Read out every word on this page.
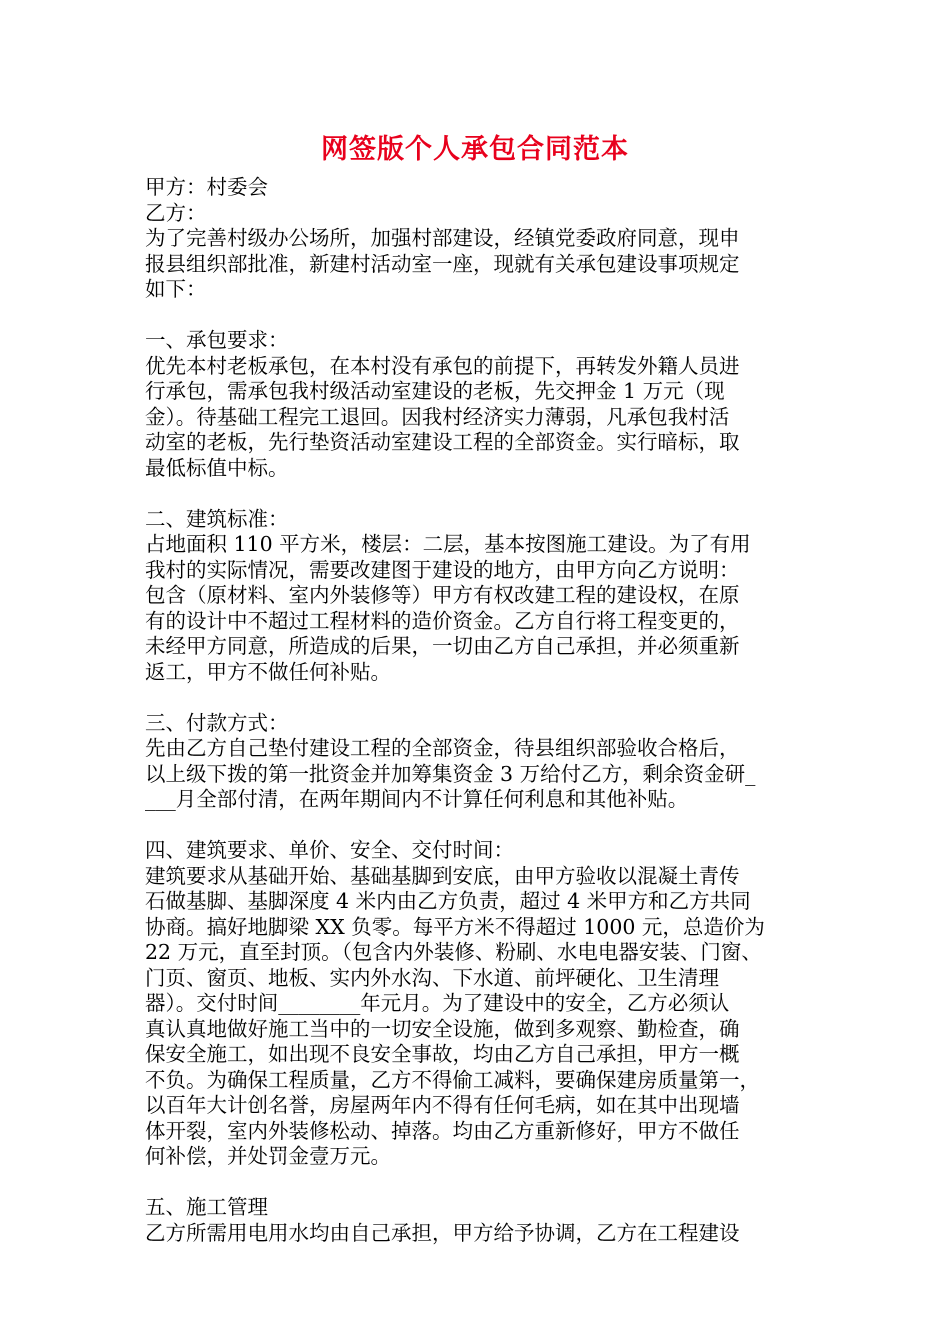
网签版个人承包合同范本
甲方：村委会
乙方：
为了完善村级办公场所，加强村部建设，经镇党委政府同意，现申
报县组织部批准，新建村活动室一座，现就有关承包建设事项规定
如下：
一、承包要求：
优先本村老板承包，在本村没有承包的前提下，再转发外籍人员进
行承包，需承包我村级活动室建设的老板，先交押金 1 万元（现
金）。待基础工程完工退回。因我村经济实力薄弱，凡承包我村活
动室的老板，先行垫资活动室建设工程的全部资金。实行暗标，取
最低标值中标。
二、建筑标准：
占地面积 110 平方米，楼层：二层，基本按图施工建设。为了有用
我村的实际情况，需要改建图于建设的地方，由甲方向乙方说明：
包含（原材料、室内外装修等）甲方有权改建工程的建设权，在原
有的设计中不超过工程材料的造价资金。乙方自行将工程变更的，
未经甲方同意，所造成的后果，一切由乙方自己承担，并必须重新
返工，甲方不做任何补贴。
三、付款方式：
先由乙方自己垫付建设工程的全部资金，待县组织部验收合格后，
以上级下拨的第一批资金并加筹集资金 3 万给付乙方，剩余资金研_
___月全部付清，在两年期间内不计算任何利息和其他补贴。
四、建筑要求、单价、安全、交付时间：
建筑要求从基础开始、基础基脚到安底，由甲方验收以混凝土青传
石做基脚、基脚深度 4 米内由乙方负责，超过 4 米甲方和乙方共同
协商。搞好地脚梁 XX 负零。每平方米不得超过 1000 元，总造价为
22 万元，直至封顶。（包含内外装修、粉刷、水电电器安装、门窗、
门页、窗页、地板、实内外水沟、下水道、前坪硬化、卫生清理
器）。交付时间________年元月。为了建设中的安全，乙方必须认
真认真地做好施工当中的一切安全设施，做到多观察、勤检查，确
保安全施工，如出现不良安全事故，均由乙方自己承担，甲方一概
不负。为确保工程质量，乙方不得偷工减料，要确保建房质量第一，
以百年大计创名誉，房屋两年内不得有任何毛病，如在其中出现墙
体开裂，室内外装修松动、掉落。均由乙方重新修好，甲方不做任
何补偿，并处罚金壹万元。
五、施工管理
乙方所需用电用水均由自己承担，甲方给予协调，乙方在工程建设
